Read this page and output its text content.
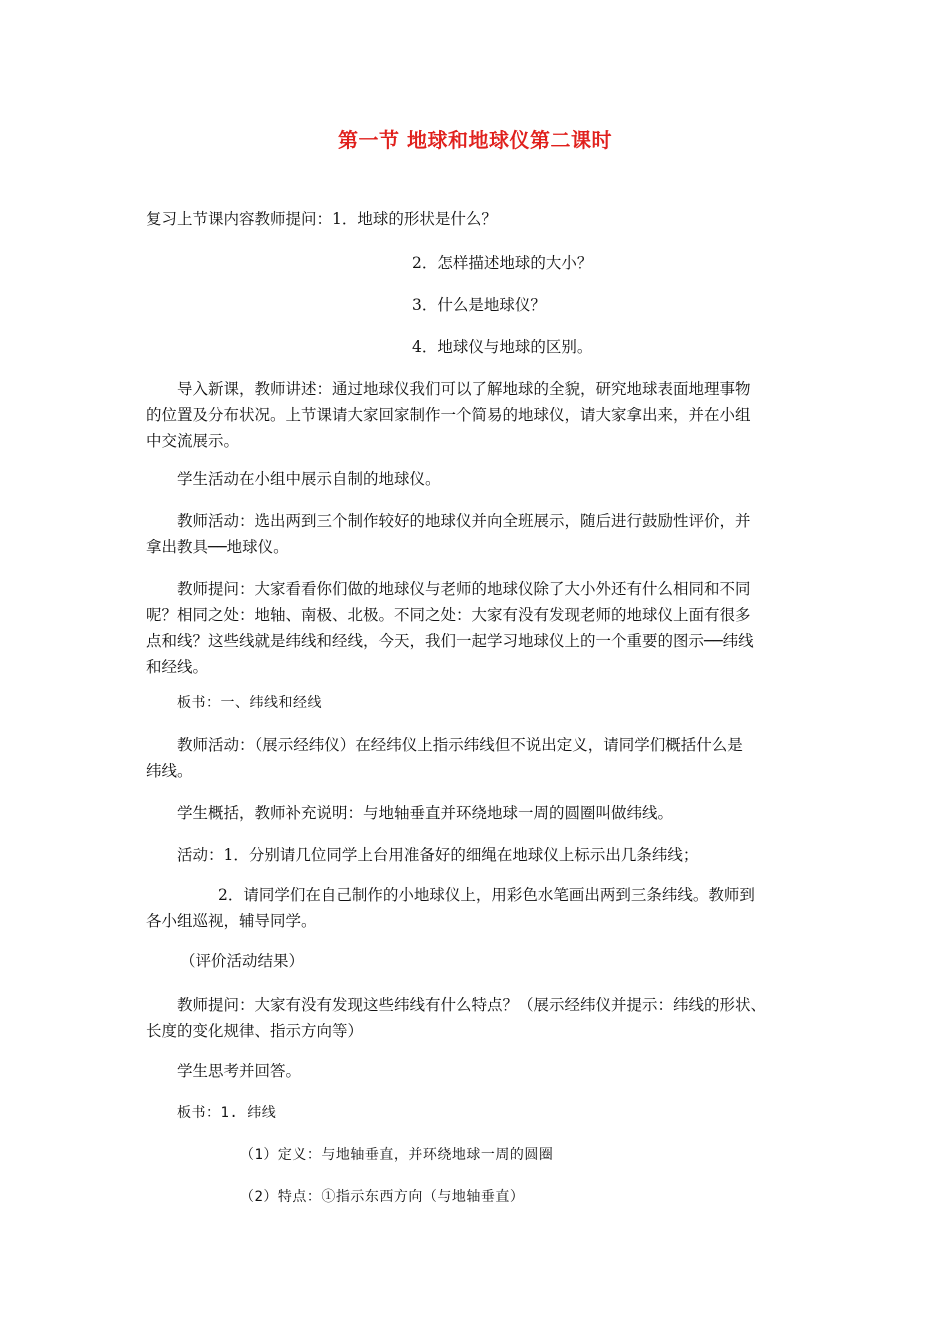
第一节 地球和地球仪第二课时
复习上节课内容教师提问：1．地球的形状是什么？
2．怎样描述地球的大小？
3．什么是地球仪？
4．地球仪与地球的区别。
导入新课，教师讲述：通过地球仪我们可以了解地球的全貌，研究地球表面地理事物
的位置及分布状况。上节课请大家回家制作一个简易的地球仪，请大家拿出来，并在小组
中交流展示。
学生活动在小组中展示自制的地球仪。
教师活动：选出两到三个制作较好的地球仪并向全班展示，随后进行鼓励性评价，并
拿出教具──地球仪。
教师提问：大家看看你们做的地球仪与老师的地球仪除了大小外还有什么相同和不同
呢？相同之处：地轴、南极、北极。不同之处：大家有没有发现老师的地球仪上面有很多
点和线？这些线就是纬线和经线，今天，我们一起学习地球仪上的一个重要的图示──纬线
和经线。
板书：一、纬线和经线
教师活动：（展示经纬仪）在经纬仪上指示纬线但不说出定义，请同学们概括什么是
纬线。
学生概括，教师补充说明：与地轴垂直并环绕地球一周的圆圈叫做纬线。
活动：1．分别请几位同学上台用准备好的细绳在地球仪上标示出几条纬线；
2．请同学们在自己制作的小地球仪上，用彩色水笔画出两到三条纬线。教师到
各小组巡视，辅导同学。
（评价活动结果）
教师提问：大家有没有发现这些纬线有什么特点？（展示经纬仪并提示：纬线的形状、
长度的变化规律、指示方向等）
学生思考并回答。
板书：1. 纬线
（1）定义：与地轴垂直，并环绕地球一周的圆圈
（2）特点：①指示东西方向（与地轴垂直）
